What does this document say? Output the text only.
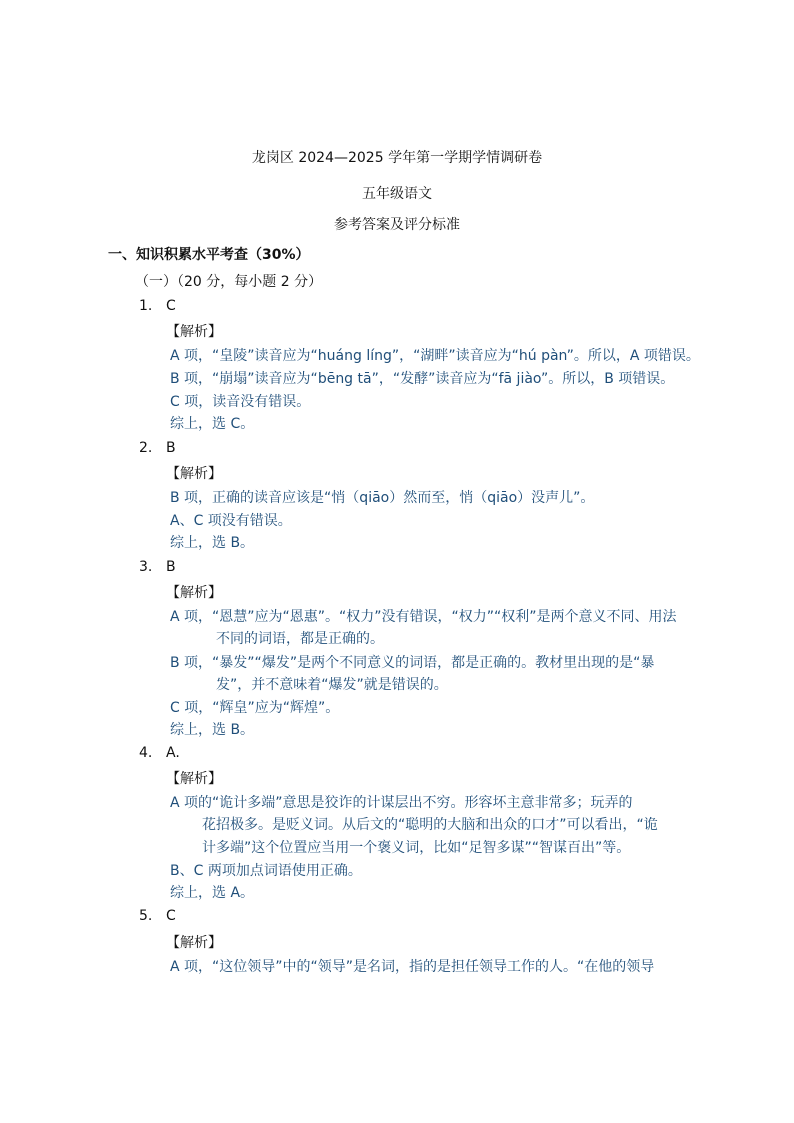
龙岗区 2024—2025 学年第一学期学情调研卷
五年级语文
参考答案及评分标准
一、知识积累水平考查（30%）
（一）（20 分，每小题 2 分）
1. C
【解析】
A 项，“皇陵”读音应为“huáng líng”，“湖畔”读音应为“hú pàn”。所以，A 项错误。
B 项，“崩塌”读音应为“bēng tā”，“发酵”读音应为“fā jiào”。所以，B 项错误。
C 项，读音没有错误。
综上，选 C。
2. B
【解析】
B 项，正确的读音应该是“悄（qiāo）然而至，悄（qiāo）没声儿”。
A、C 项没有错误。
综上，选 B。
3. B
【解析】
A 项，“恩慧”应为“恩惠”。“权力”没有错误，“权力”“权利”是两个意义不同、用法
不同的词语，都是正确的。
B 项，“暴发”“爆发”是两个不同意义的词语，都是正确的。教材里出现的是“暴
发”，并不意味着“爆发”就是错误的。
C 项，“辉皇”应为“辉煌”。
综上，选 B。
4. A.
【解析】
A 项的“诡计多端”意思是狡诈的计谋层出不穷。形容坏主意非常多；玩弄的
花招极多。是贬义词。从后文的“聪明的大脑和出众的口才”可以看出，“诡
计多端”这个位置应当用一个褒义词，比如“足智多谋”“智谋百出”等。
B、C 两项加点词语使用正确。
综上，选 A。
5. C
【解析】
A 项，“这位领导”中的“领导”是名词，指的是担任领导工作的人。“在他的领导
